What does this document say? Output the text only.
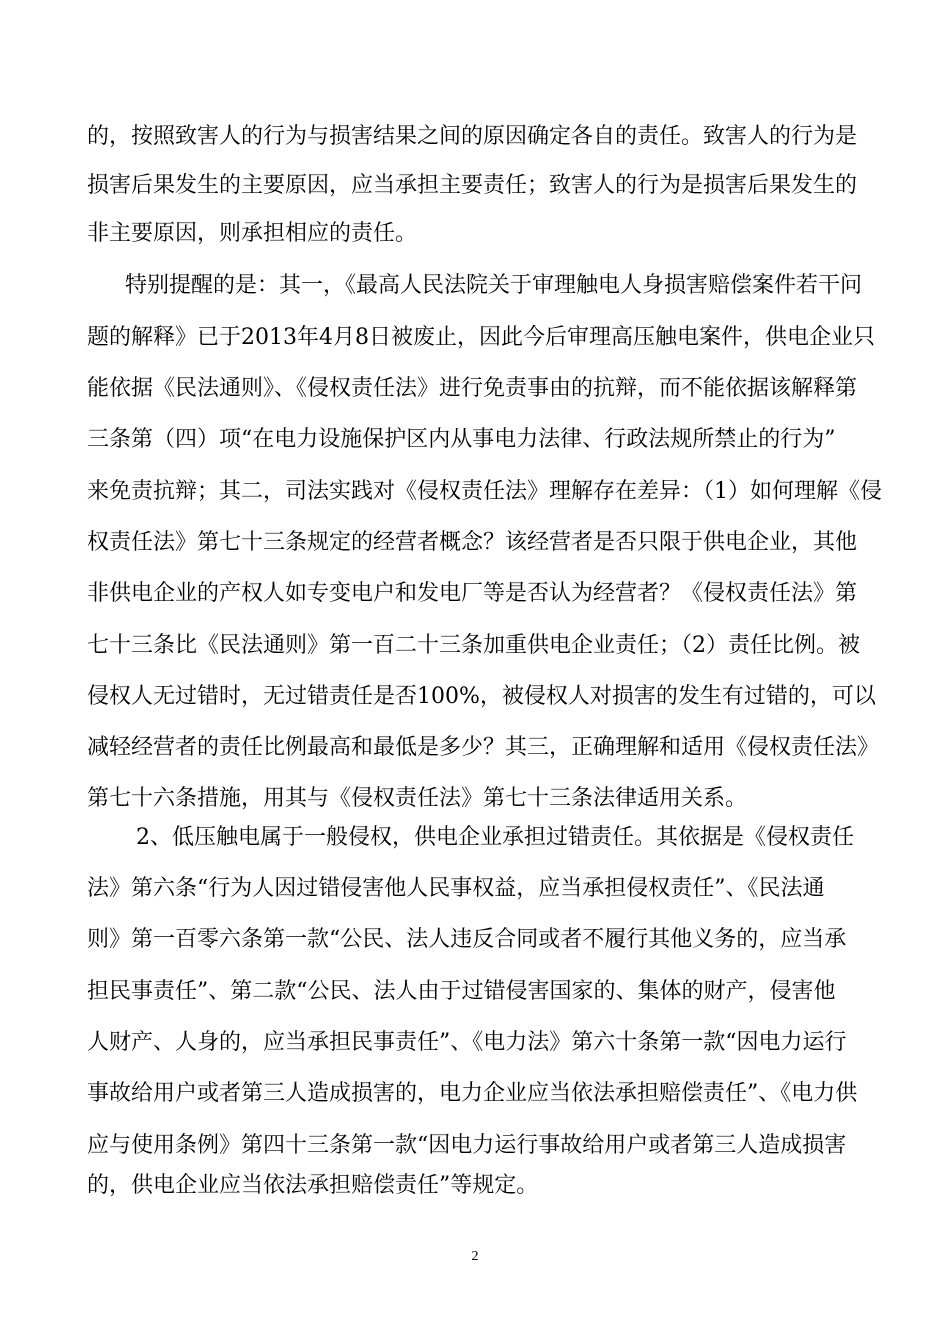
的，按照致害人的行为与损害结果之间的原因确定各自的责任。致害人的行为是
损害后果发生的主要原因，应当承担主要责任；致害人的行为是损害后果发生的
非主要原因，则承担相应的责任。
特别提醒的是：其一，《最高人民法院关于审理触电人身损害赔偿案件若干问
题的解释》已于2013年4月8日被废止，因此今后审理高压触电案件，供电企业只
能依据《民法通则》、《侵权责任法》进行免责事由的抗辩，而不能依据该解释第
三条第（四）项“在电力设施保护区内从事电力法律、行政法规所禁止的行为”
来免责抗辩；其二，司法实践对《侵权责任法》理解存在差异：（1）如何理解《侵
权责任法》第七十三条规定的经营者概念？该经营者是否只限于供电企业，其他
非供电企业的产权人如专变电户和发电厂等是否认为经营者？《侵权责任法》第
七十三条比《民法通则》第一百二十三条加重供电企业责任；（2）责任比例。被
侵权人无过错时，无过错责任是否100%，被侵权人对损害的发生有过错的，可以
减轻经营者的责任比例最高和最低是多少？其三，正确理解和适用《侵权责任法》
第七十六条措施，用其与《侵权责任法》第七十三条法律适用关系。
2、低压触电属于一般侵权，供电企业承担过错责任。其依据是《侵权责任
法》第六条“行为人因过错侵害他人民事权益，应当承担侵权责任”、《民法通
则》第一百零六条第一款“公民、法人违反合同或者不履行其他义务的，应当承
担民事责任”、第二款“公民、法人由于过错侵害国家的、集体的财产，侵害他
人财产、人身的，应当承担民事责任”、《电力法》第六十条第一款“因电力运行
事故给用户或者第三人造成损害的，电力企业应当依法承担赔偿责任”、《电力供
应与使用条例》第四十三条第一款“因电力运行事故给用户或者第三人造成损害
的，供电企业应当依法承担赔偿责任”等规定。
2
